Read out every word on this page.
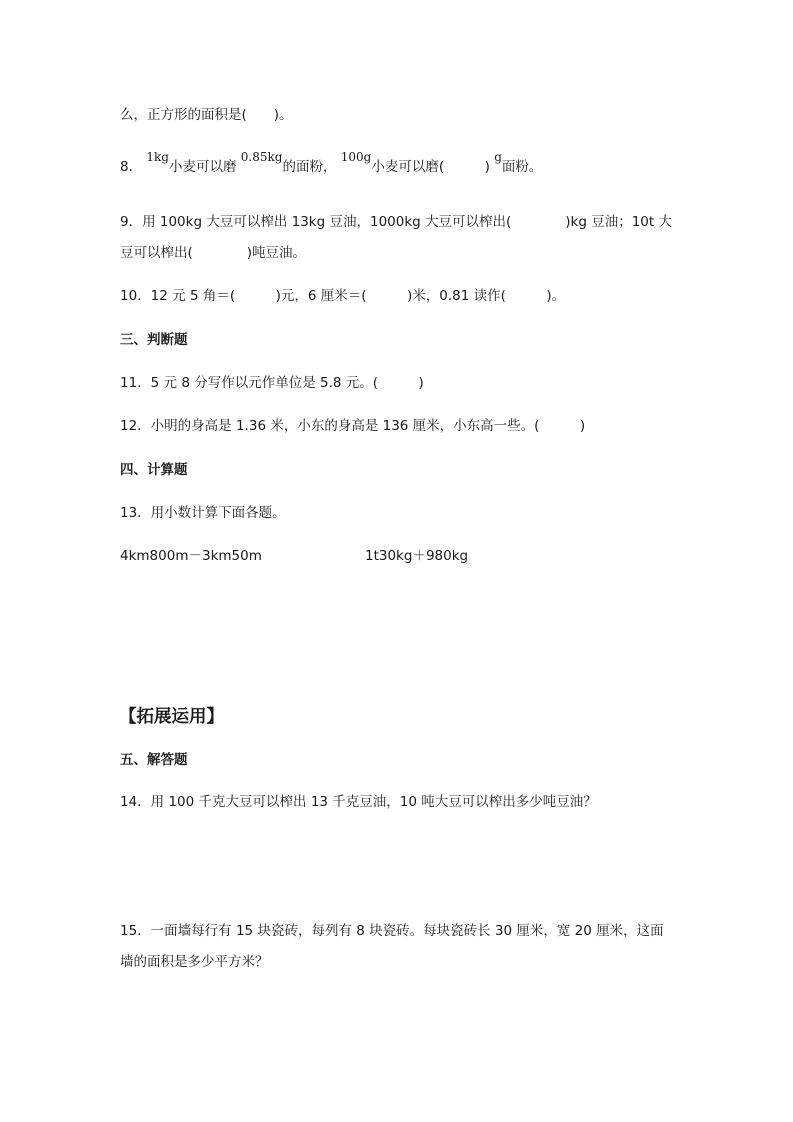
么，正方形的面积是(　　)。
8． 1kg小麦可以磨 0.85kg的面粉， 100g小麦可以磨(　　　) g面粉。
9．用 100kg 大豆可以榨出 13kg 豆油，1000kg 大豆可以榨出(　　　　)kg 豆油；10t 大
豆可以榨出(　　　　)吨豆油。
10．12 元 5 角＝(　　　)元，6 厘米＝(　　　)米，0.81 读作(　　　)。
三、判断题
11．5 元 8 分写作以元作单位是 5.8 元。(　　　)
12．小明的身高是 1.36 米，小东的身高是 136 厘米，小东高一些。(　　　)
四、计算题
13．用小数计算下面各题。
4km800m－3km50m	1t30kg＋980kg
【拓展运用】
五、解答题
14．用 100 千克大豆可以榨出 13 千克豆油，10 吨大豆可以榨出多少吨豆油？
15．一面墙每行有 15 块瓷砖，每列有 8 块瓷砖。每块瓷砖长 30 厘米，宽 20 厘米，这面
墙的面积是多少平方米？
